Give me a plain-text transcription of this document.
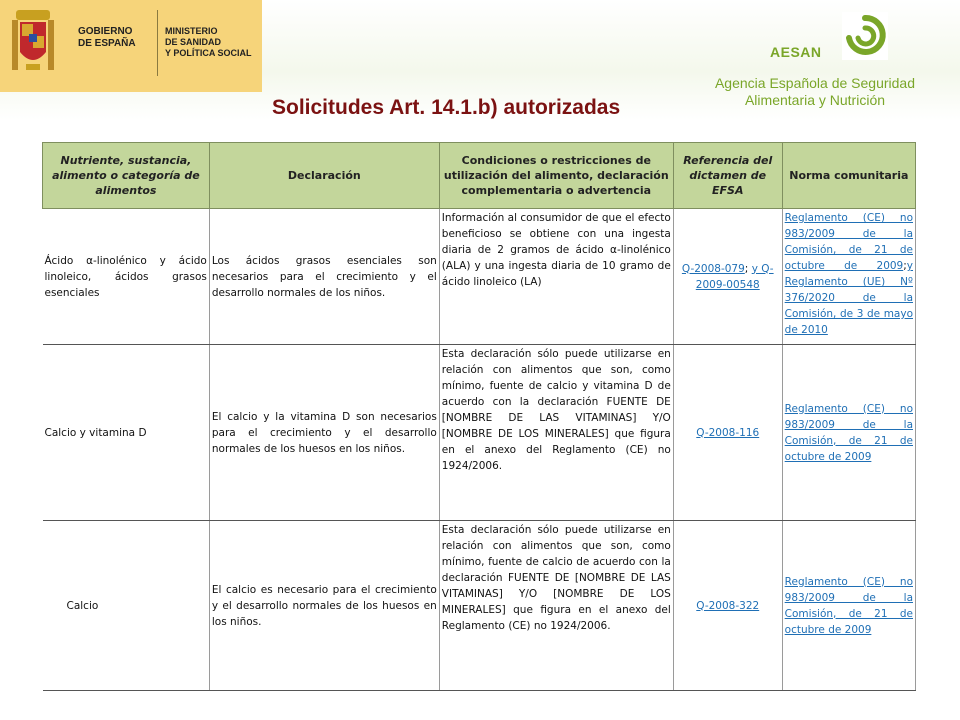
GOBIERNO
DE ESPAÑA
MINISTERIO
DE SANIDAD
Y POLÍTICA SOCIAL	AESAN
Agencia Española de Seguridad
Alimentaria y Nutrición
Solicitudes Art. 14.1.b) autorizadas
Nutriente, sustancia, alimento o categoría de alimentos	Declaración	Condiciones o restricciones de utilización del alimento, declaración complementaria o advertencia	Referencia del dictamen de EFSA	Norma comunitaria
Ácido α-linolénico y ácido linoleico, ácidos grasos esenciales	Los ácidos grasos esenciales son necesarios para el crecimiento y el desarrollo normales de los niños.	Información al consumidor de que el efecto beneficioso se obtiene con una ingesta diaria de 2 gramos de ácido α-linolénico (ALA) y una ingesta diaria de 10 gramo de ácido linoleico (LA)	Q-2008-079; y Q-2009-00548	Reglamento (CE) no 983/2009 de la Comisión, de 21 de octubre de 2009;y Reglamento (UE) Nº 376/2020 de la Comisión, de 3 de mayo de 2010
Calcio y vitamina D	El calcio y la vitamina D son necesarios para el crecimiento y el desarrollo normales de los huesos en los niños.	Esta declaración sólo puede utilizarse en relación con alimentos que son, como mínimo, fuente de calcio y vitamina D de acuerdo con la declaración FUENTE DE [NOMBRE DE LAS VITAMINAS] Y/O [NOMBRE DE LOS MINERALES] que figura en el anexo del Reglamento (CE) no 1924/2006.	Q-2008-116	Reglamento (CE) no 983/2009 de la Comisión, de 21 de octubre de 2009
Calcio	El calcio es necesario para el crecimiento y el desarrollo normales de los huesos en los niños.	Esta declaración sólo puede utilizarse en relación con alimentos que son, como mínimo, fuente de calcio de acuerdo con la declaración FUENTE DE [NOMBRE DE LAS VITAMINAS] Y/O [NOMBRE DE LOS MINERALES] que figura en el anexo del Reglamento (CE) no 1924/2006.	Q-2008-322	Reglamento (CE) no 983/2009 de la Comisión, de 21 de octubre de 2009
